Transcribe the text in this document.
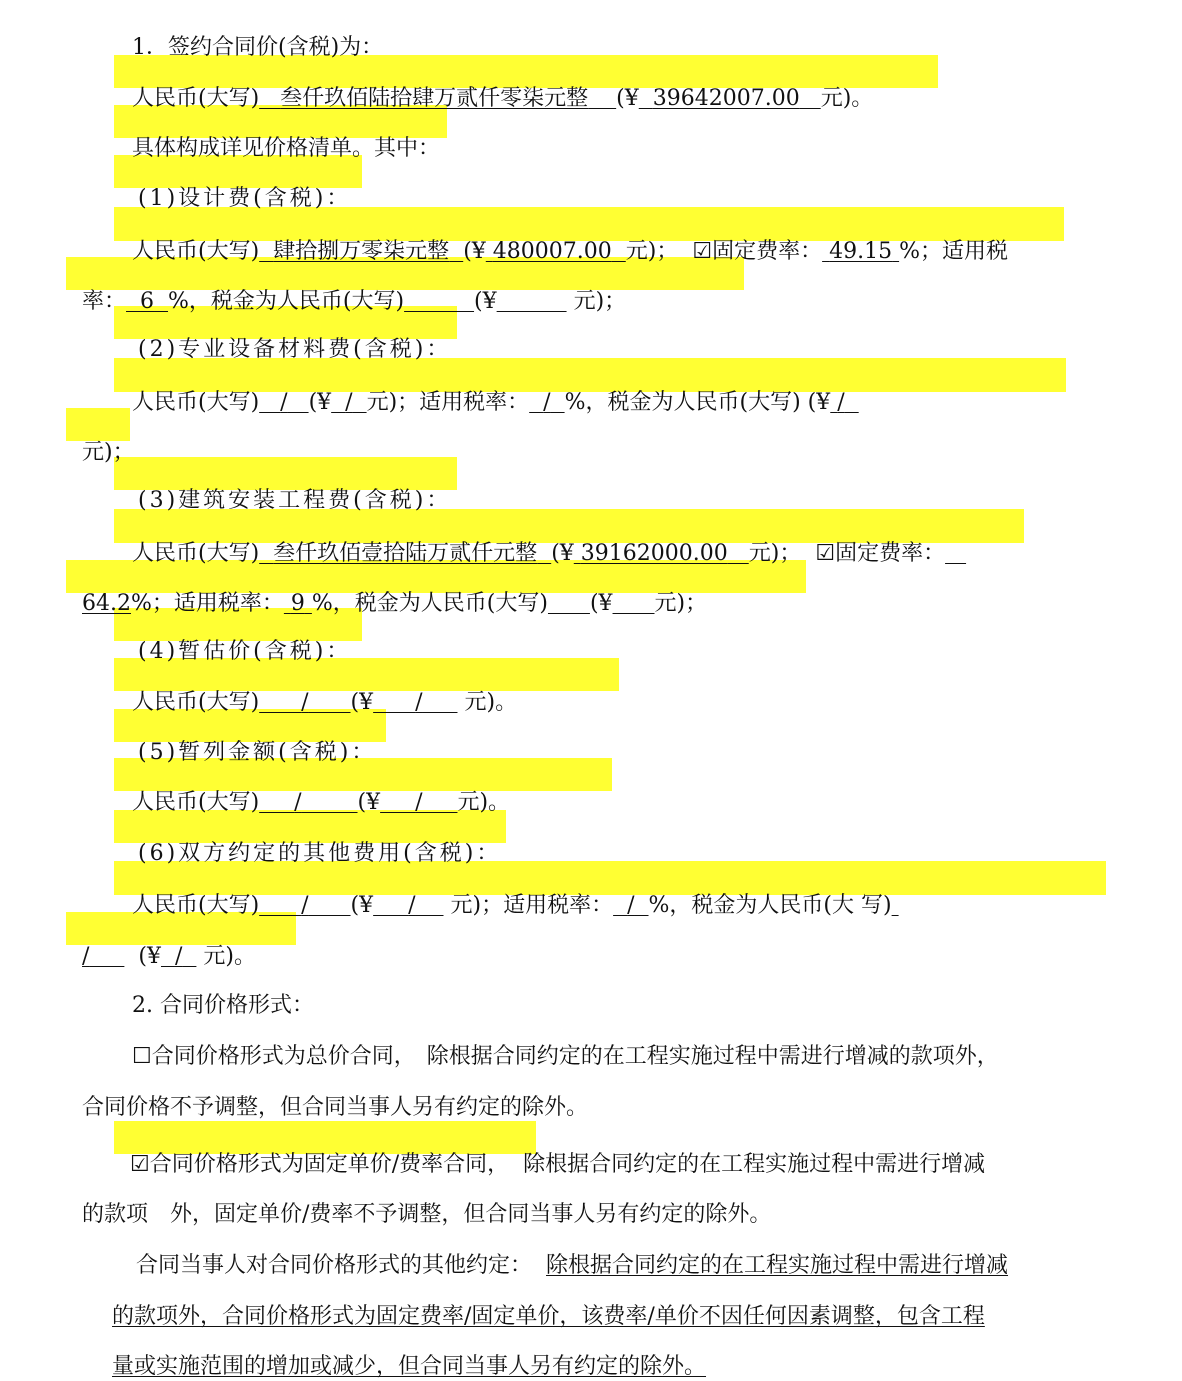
1．签约合同价(含税)为：

人民币(大写) 叁仟玖佰陆拾肆万贰仟零柒元整 (¥ 39642007.00 元)。

具体构成详见价格清单。其中：

(1)设计费(含税)：

人民币(大写) 肆拾捌万零柒元整 (¥ 480007.00 元)； ☑固定费率： 49.15 %；适用税

率： 6 %，税金为人民币(大写)	(¥	元)；

(2)专业设备材料费(含税)：

人民币(大写) / (¥ / 元)；适用税率： / %，税金为人民币(大写) (¥ /

元)；

(3)建筑安装工程费(含税)：

人民币(大写) 叁仟玖佰壹拾陆万贰仟元整 (¥ 39162000.00 元)； ☑固定费率：

64.2%；适用税率： 9 %，税金为人民币(大写) (¥ 元)；

(4)暂估价(含税)：

人民币(大写) / (¥ / 元)。

(5)暂列金额(含税)：

人民币(大写) /	(¥ / 元)。

(6)双方约定的其他费用(含税)：

人民币(大写) / (¥ / 元)；适用税率： / %，税金为人民币(大 写)

/ (¥ / 元)。

2. 合同价格形式：

☐合同价格形式为总价合同，　除根据合同约定的在工程实施过程中需进行增减的款项外，

合同价格不予调整，但合同当事人另有约定的除外。

☑合同价格形式为固定单价/费率合同， 除根据合同约定的在工程实施过程中需进行增减

的款项　外，固定单价/费率不予调整，但合同当事人另有约定的除外。

合同当事人对合同价格形式的其他约定： 除根据合同约定的在工程实施过程中需进行增减

的款项外，合同价格形式为固定费率/固定单价，该费率/单价不因任何因素调整，包含工程

量或实施范围的增加或减少，但合同当事人另有约定的除外。
